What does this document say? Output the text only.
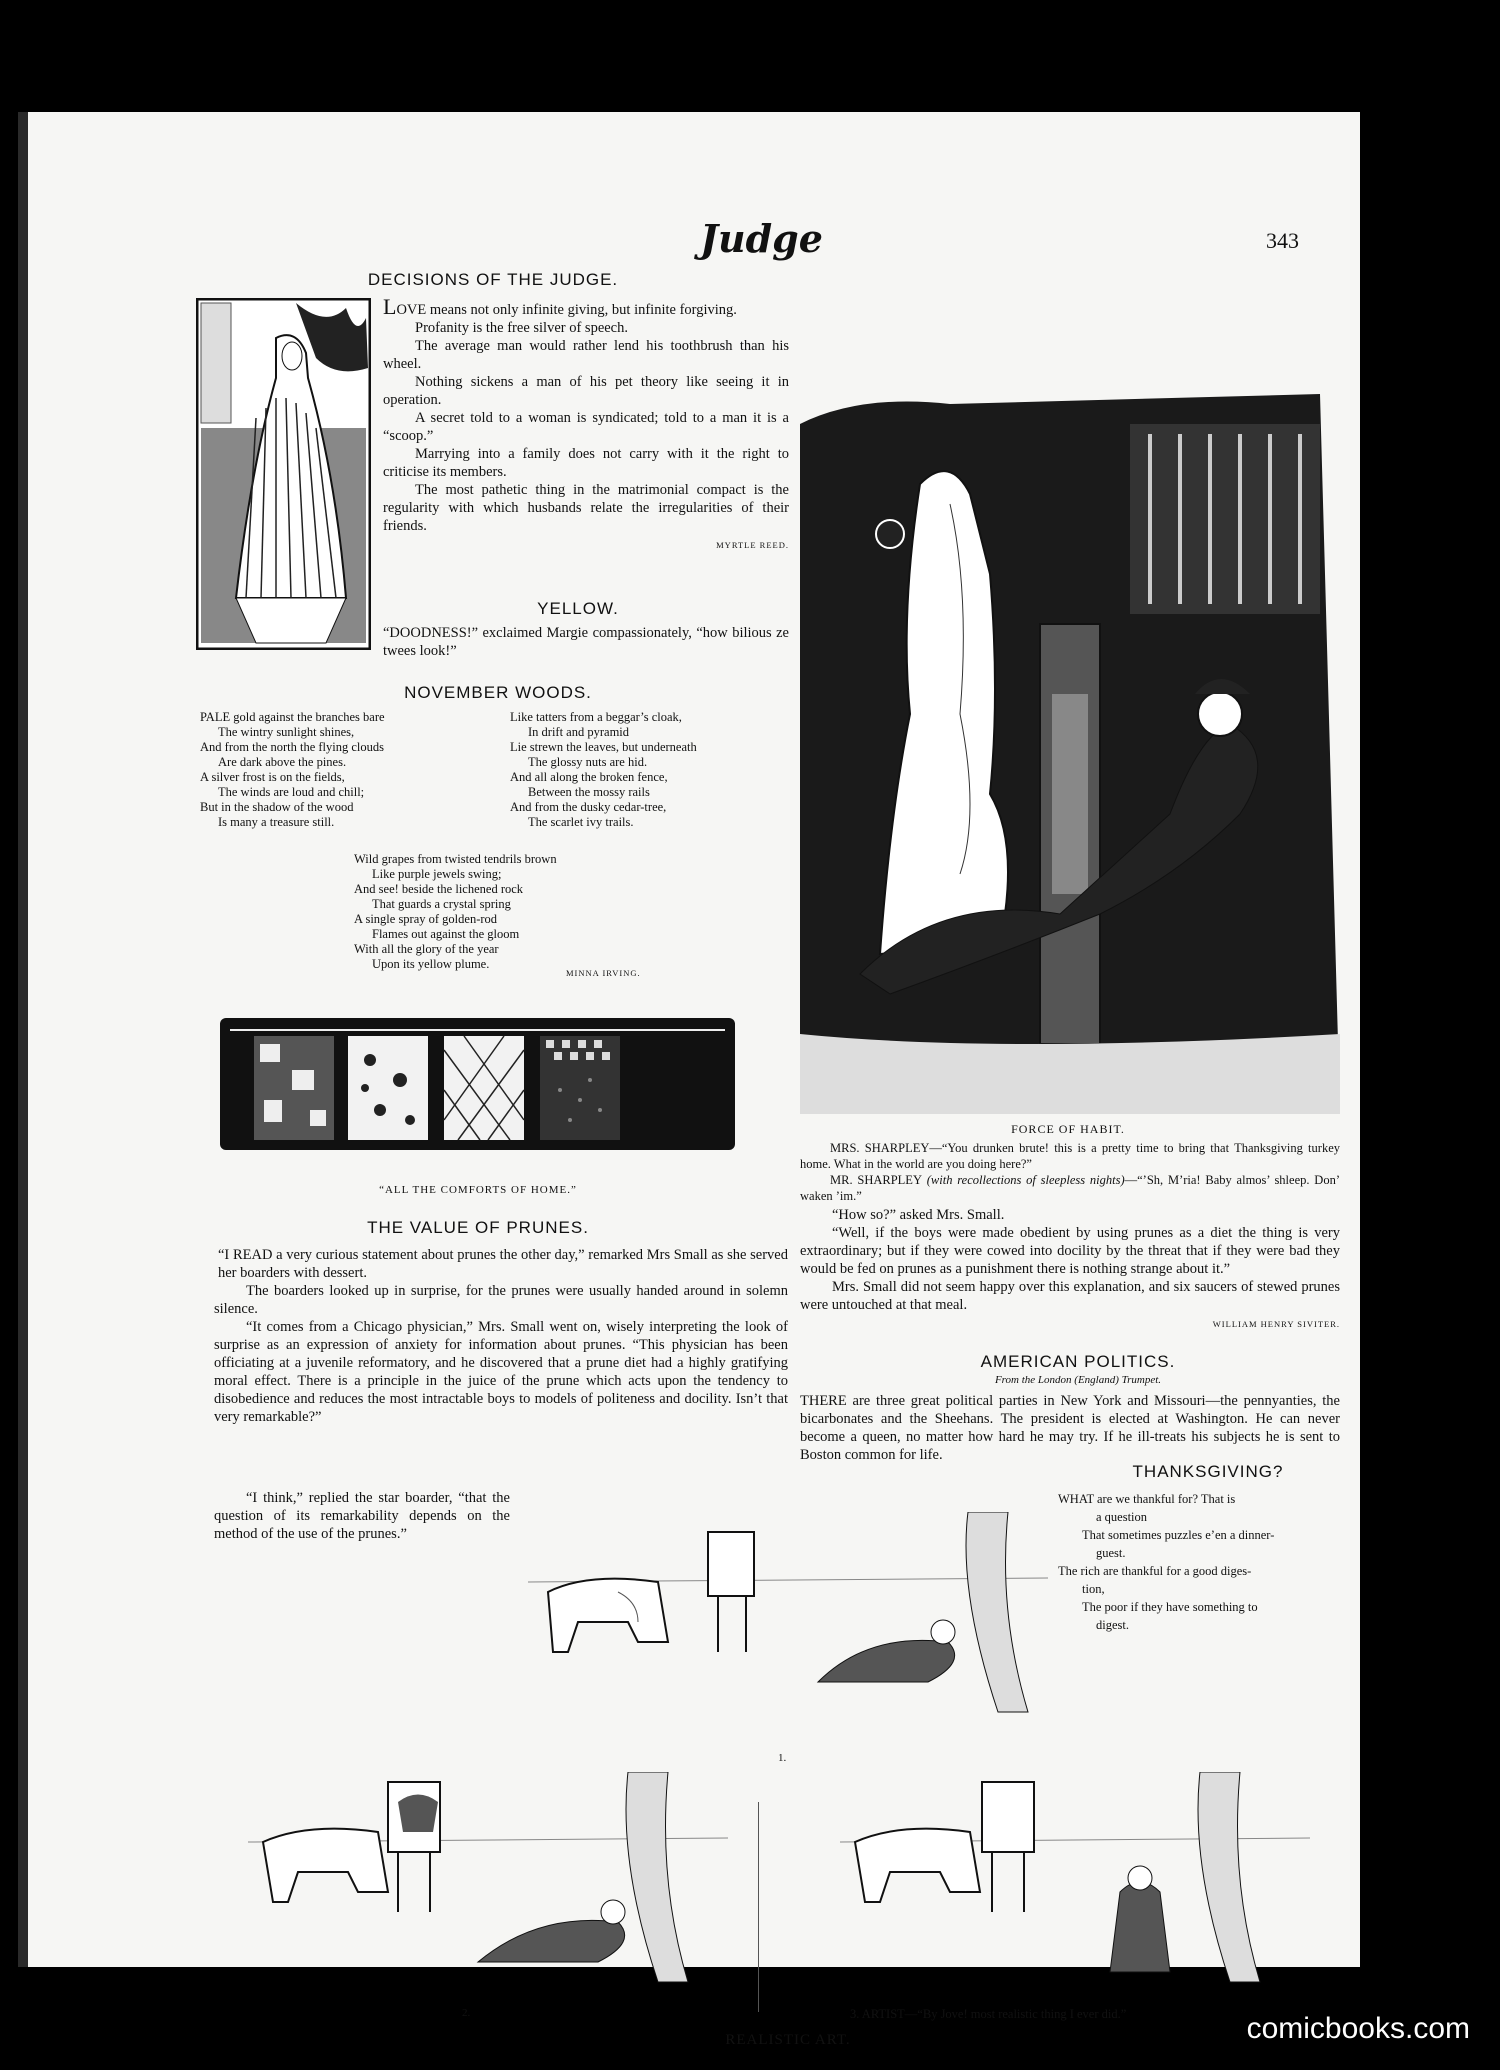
Judge	343
DECISIONS OF THE JUDGE.

LOVE means not only infinite giving, but infinite forgiving.

Profanity is the free silver of speech.

The average man would rather lend his toothbrush than his wheel.

Nothing sickens a man of his pet theory like seeing it in operation.

A secret told to a woman is syndicated; told to a man it is a “scoop.”

Marrying into a family does not carry with it the right to criticise its members.

The most pathetic thing in the matrimonial compact is the regularity with which husbands relate the irregularities of their friends.

MYRTLE REED.

YELLOW.
“DOODNESS!” exclaimed Margie compassionately, “how bilious ze twees look!”
NOVEMBER WOODS.
PALE gold against the branches bare
The wintry sunlight shines,
And from the north the flying clouds
Are dark above the pines.
A silver frost is on the fields,
The winds are loud and chill;
But in the shadow of the wood
Is many a treasure still.
Like tatters from a beggar’s cloak,
In drift and pyramid
Lie strewn the leaves, but underneath
The glossy nuts are hid.
And all along the broken fence,
Between the mossy rails
And from the dusky cedar-tree,
The scarlet ivy trails.
Wild grapes from twisted tendrils brown
Like purple jewels swing;
And see! beside the lichened rock
That guards a crystal spring
A single spray of golden-rod
Flames out against the gloom
With all the glory of the year
Upon its yellow plume.
MINNA IRVING.
“ALL THE COMFORTS OF HOME.”
THE VALUE OF PRUNES.

“I READ a very curious statement about prunes the other day,” remarked Mrs Small as she served her boarders with dessert.

The boarders looked up in surprise, for the prunes were usually handed around in solemn silence.

“It comes from a Chicago physician,” Mrs. Small went on, wisely interpreting the look of surprise as an expression of anxiety for information about prunes. “This physician has been officiating at a juvenile reformatory, and he discovered that a prune diet had a highly gratifying moral effect. There is a principle in the juice of the prune which acts upon the tendency to disobedience and reduces the most intractable boys to models of politeness and docility. Isn’t that very remarkable?”
“I think,” replied the star boarder, “that the question of its remarkability depends on the method of the use of the prunes.”
FORCE OF HABIT.

MRS. SHARPLEY—“You drunken brute! this is a pretty time to bring that Thanksgiving turkey home. What in the world are you doing here?”

MR. SHARPLEY (with recollections of sleepless nights)—“’Sh, M’ria! Baby almos’ shleep. Don’ waken ’im.”

“How so?” asked Mrs. Small.

“Well, if the boys were made obedient by using prunes as a diet the thing is very extraordinary; but if they were cowed into docility by the threat that if they were bad they would be fed on prunes as a punishment there is nothing strange about it.”

Mrs. Small did not seem happy over this explanation, and six saucers of stewed prunes were untouched at that meal.

WILLIAM HENRY SIVITER.

AMERICAN POLITICS.
From the London (England) Trumpet.
THERE are three great political parties in New York and Missouri—the pennyanties, the bicarbonates and the Sheehans. The president is elected at Washington. He can never become a queen, no matter how hard he may try. If he ill-treats his subjects he is sent to Boston common for life.
THANKSGIVING?
WHAT are we thankful for? That is
a question
That sometimes puzzles e’en a dinner-
guest.
The rich are thankful for a good diges-
tion,
The poor if they have something to
digest.
1.
2.	3. ARTIST—“By Jove! most realistic thing I ever did.”
REALISTIC ART.	comicbooks.com
